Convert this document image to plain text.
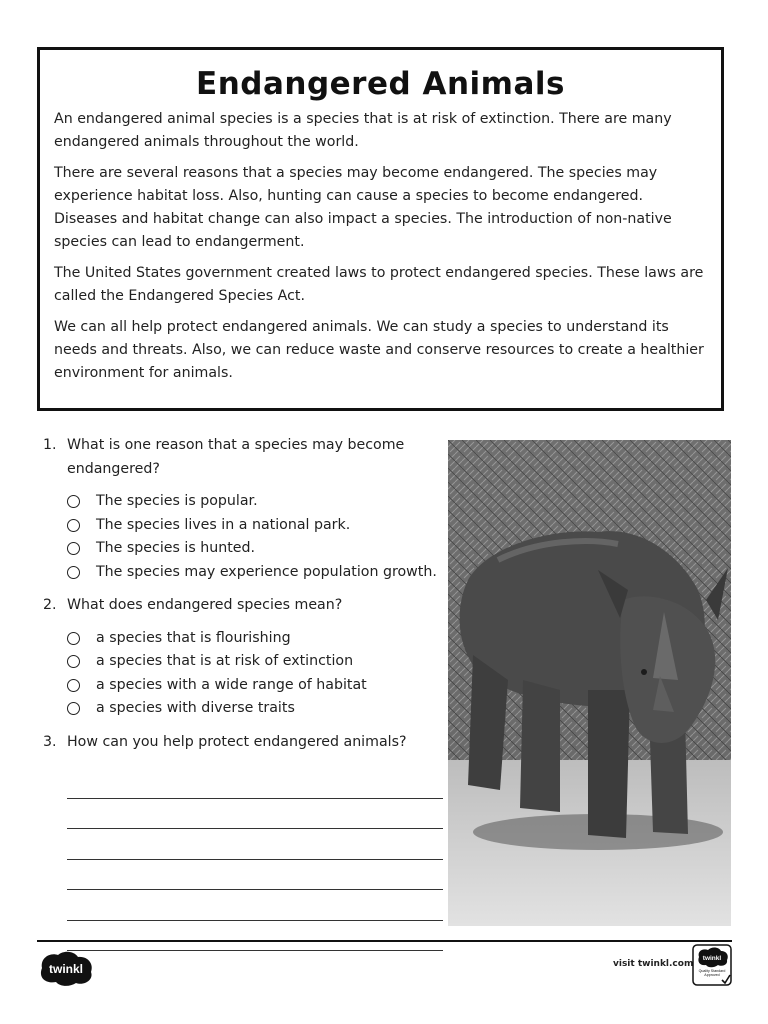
Endangered Animals

An endangered animal species is a species that is at risk of extinction. There are many endangered animals throughout the world.

There are several reasons that a species may become endangered. The species may experience habitat loss. Also, hunting can cause a species to become endangered. Diseases and habitat change can also impact a species. The introduction of non-native species can lead to endangerment.

The United States government created laws to protect endangered species. These laws are called the Endangered Species Act.

We can all help protect endangered animals. We can study a species to understand its needs and threats. Also, we can reduce waste and conserve resources to create a healthier environment for animals.

1. What is one reason that a species may become endangered?
The species is popular.
The species lives in a national park.
The species is hunted.
The species may experience population growth.
2. What does endangered species mean?
a species that is flourishing
a species that is at risk of extinction
a species with a wide range of habitat
a species with diverse traits
3. How can you help protect endangered animals?
twinkl	visit twinkl.com
twinkl
Quality Standard Approved
